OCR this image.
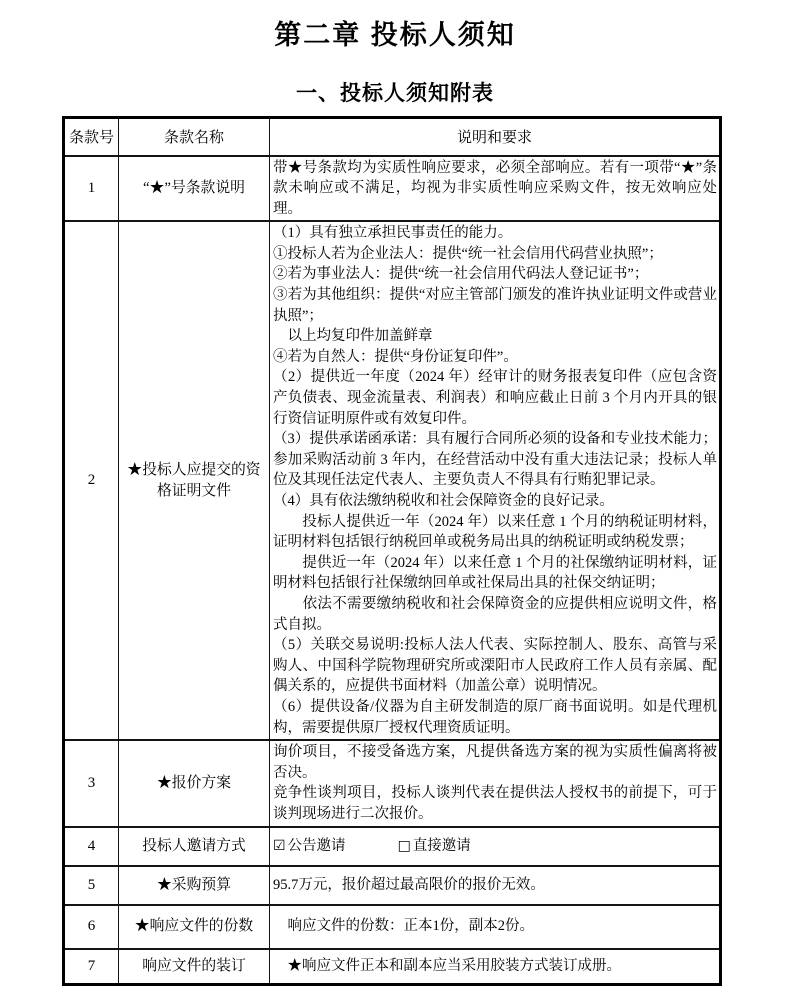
第二章 投标人须知
一、投标人须知附表
条款号	条款名称	说明和要求
1	“★”号条款说明	带★号条款均为实质性响应要求，必须全部响应。若有一项带“★”条款未响应或不满足，均视为非实质性响应采购文件，按无效响应处理。

2	★投标人应提交的资格证明文件	
（1）具有独立承担民事责任的能力。
①投标人若为企业法人：提供“统一社会信用代码营业执照”；
②若为事业法人：提供“统一社会信用代码法人登记证书”；
③若为其他组织：提供“对应主管部门颁发的准许执业证明文件或营业执照”；
　以上均复印件加盖鲜章
④若为自然人：提供“身份证复印件”。
（2）提供近一年度（2024 年）经审计的财务报表复印件（应包含资产负债表、现金流量表、利润表）和响应截止日前 3 个月内开具的银行资信证明原件或有效复印件。
（3）提供承诺函承诺：具有履行合同所必须的设备和专业技术能力；参加采购活动前 3 年内，在经营活动中没有重大违法记录；投标人单位及其现任法定代表人、主要负责人不得具有行贿犯罪记录。
（4）具有依法缴纳税收和社会保障资金的良好记录。
　　投标人提供近一年（2024 年）以来任意 1 个月的纳税证明材料，证明材料包括银行纳税回单或税务局出具的纳税证明或纳税发票；
　　提供近一年（2024 年）以来任意 1 个月的社保缴纳证明材料，证明材料包括银行社保缴纳回单或社保局出具的社保交纳证明；
　　依法不需要缴纳税收和社会保障资金的应提供相应说明文件，格式自拟。
（5）关联交易说明:投标人法人代表、实际控制人、股东、高管与采购人、中国科学院物理研究所或溧阳市人民政府工作人员有亲属、配偶关系的，应提供书面材料（加盖公章）说明情况。
（6）提供设备/仪器为自主研发制造的原厂商书面说明。如是代理机构，需要提供原厂授权代理资质证明。

3	★报价方案	询价项目，不接受备选方案，凡提供备选方案的视为实质性偏离将被否决。
竞争性谈判项目，投标人谈判代表在提供法人授权书的前提下，可于谈判现场进行二次报价。

4	投标人邀请方式	☑ 公告邀请 □ 直接邀请
5	★采购预算	95.7万元，报价超过最高限价的报价无效。

6	★响应文件的份数	　响应文件的份数：正本1份，副本2份。

7	响应文件的装订	　★响应文件正本和副本应当采用胶装方式装订成册。
